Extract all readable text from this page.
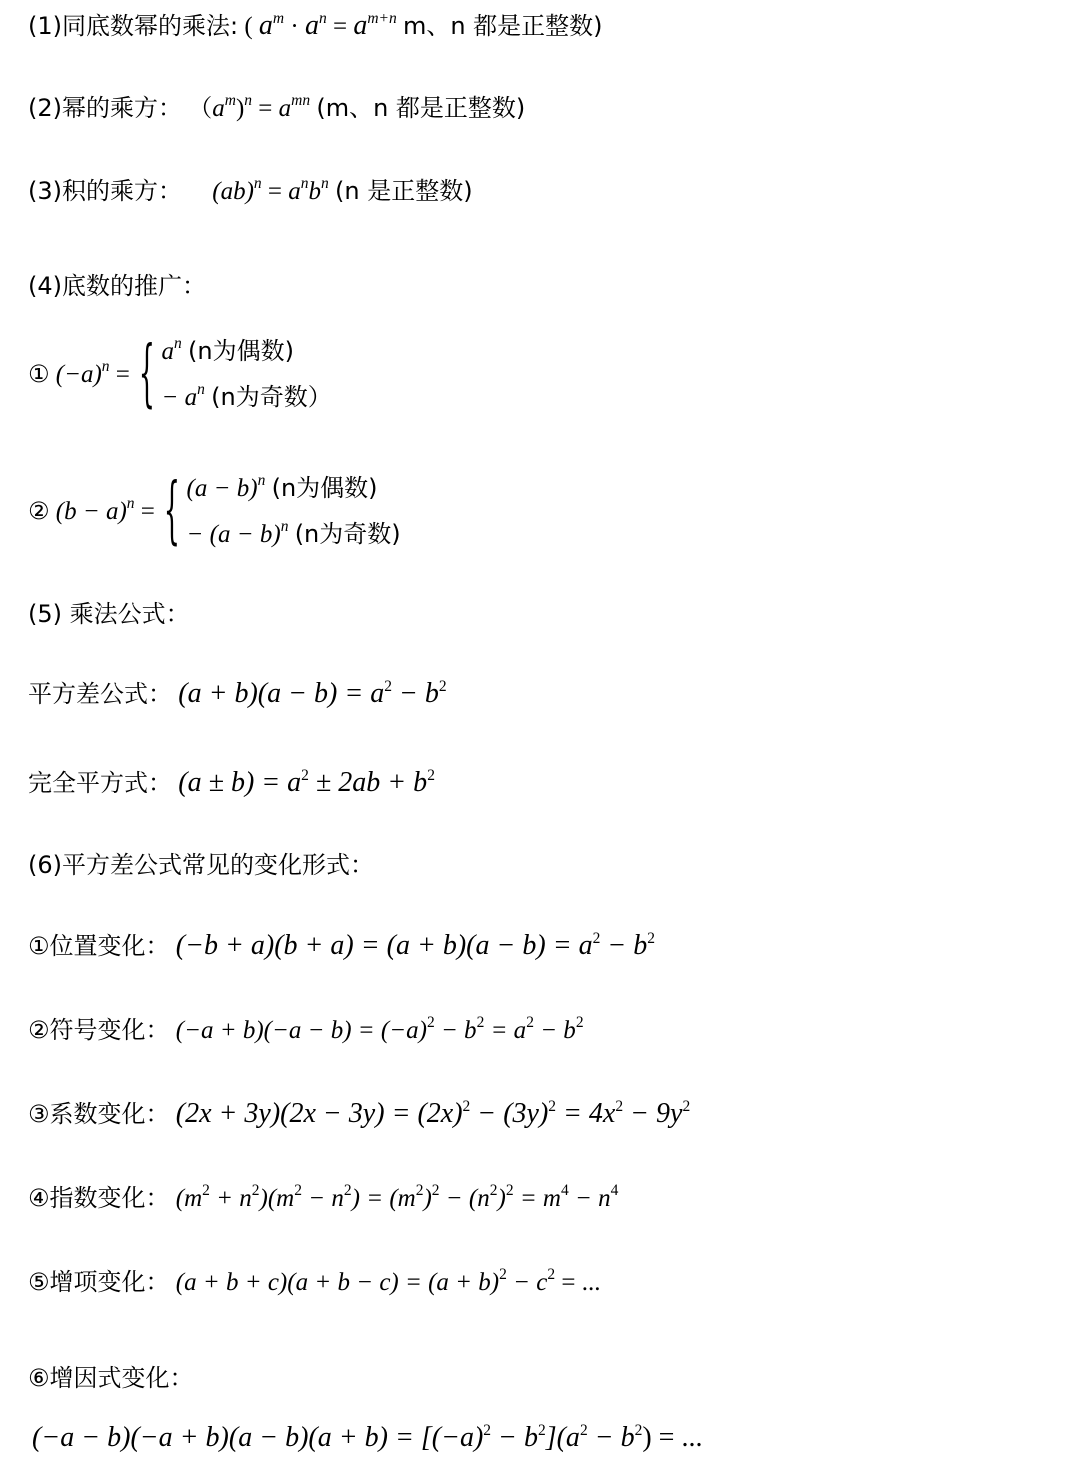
(1)同底数幂的乘法: ( $a^m \cdot a^n = a^{m+n}$ m、n 都是正整数)
(2)幂的乘方： $(a^m)^n = a^{mn}$ (m、n 都是正整数)
(3)积的乘方： $(ab)^n = a^nb^n$ (n 是正整数)
(4)底数的推广：
① $(-a)^n$ = { $a^n$ (n为偶数)
− $a^n$ (n为奇数）
② $(b - a)^n$ = { $(a - b)^n$ (n为偶数)
− $(a - b)^n$ (n为奇数)
(5) 乘法公式：
平方差公式： $(a + b)(a - b) = a^2 - b^2$
完全平方式： $(a \pm b) = a^2 \pm 2ab + b^2$
(6)平方差公式常见的变化形式：
①位置变化： $(-b + a)(b + a) = (a + b)(a - b) = a^2 - b^2$
②符号变化： $(-a + b)(-a - b) = (-a)^2 - b^2 = a^2 - b^2$
③系数变化： $(2x + 3y)(2x - 3y) = (2x)^2 - (3y)^2 = 4x^2 - 9y^2$
④指数变化： $(m^2 + n^2)(m^2 - n^2) = (m^2)^2 - (n^2)^2 = m^4 - n^4$
⑤增项变化： $(a + b + c)(a + b - c) = (a + b)^2 - c^2$ = ...
⑥增因式变化：
$(-a - b)(-a + b)(a - b)(a + b) = [(-a)^2 - b^2](a^2 - b^2)$ = ...
